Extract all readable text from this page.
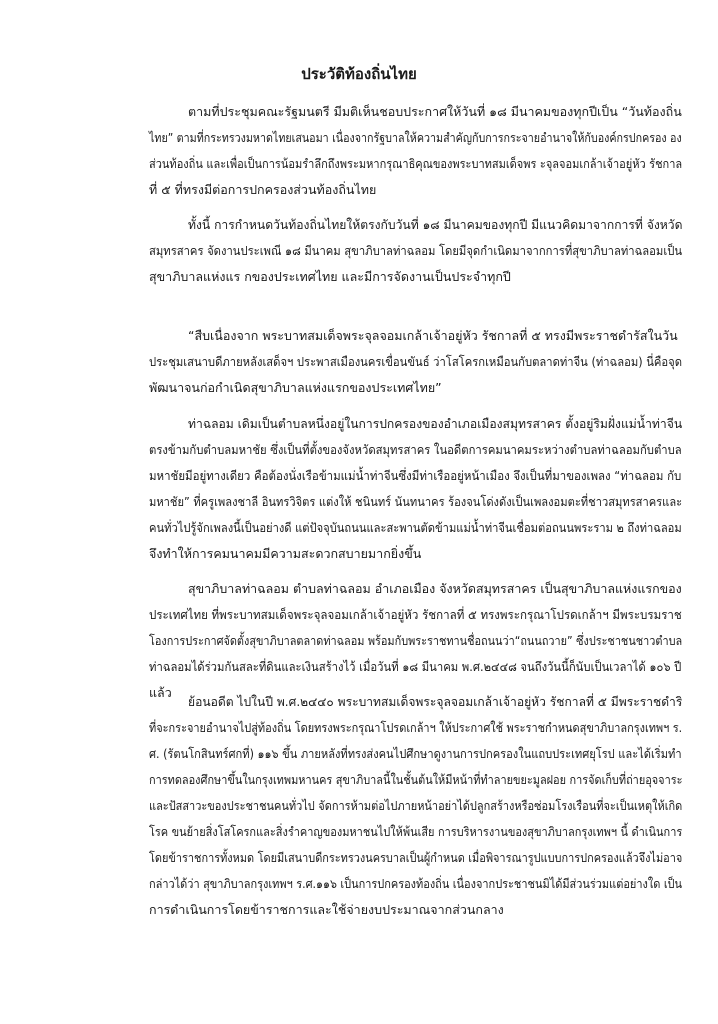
ประวัติท้องถิ่นไทย
ตามที่ประชุมคณะรัฐมนตรี มีมติเห็นชอบประกาศให้วันที่ ๑๘ มีนาคมของทุกปีเป็น “วันท้องถิ่น
ไทย” ตามที่กระทรวงมหาดไทยเสนอมา เนื่องจากรัฐบาลให้ความสำคัญกับการกระจายอำนาจให้กับองค์กรปกครอง อง
ส่วนท้องถิ่น และเพื่อเป็นการน้อมรำลึกถึงพระมหากรุณาธิคุณของพระบาทสมเด็จพร ะจุลจอมเกล้าเจ้าอยู่หัว รัชกาล
ที่ ๕ ที่ทรงมีต่อการปกครองส่วนท้องถิ่นไทย
ทั้งนี้ การกำหนดวันท้องถิ่นไทยให้ตรงกับวันที่ ๑๘ มีนาคมของทุกปี มีแนวคิดมาจากการที่ จังหวัด
สมุทรสาคร จัดงานประเพณี ๑๘ มีนาคม สุขาภิบาลท่าฉลอม โดยมีจุดกำเนิดมาจากการที่สุขาภิบาลท่าฉลอมเป็น
สุขาภิบาลแห่งแร กของประเทศไทย และมีการจัดงานเป็นประจำทุกปี
“สืบเนื่องจาก พระบาทสมเด็จพระจุลจอมเกล้าเจ้าอยู่หัว รัชกาลที่ ๕ ทรงมีพระราชดำรัสในวัน
ประชุมเสนาบดีภายหลังเสด็จฯ ประพาสเมืองนครเขื่อนขันธ์ ว่าโสโครกเหมือนกับตลาดท่าจีน (ท่าฉลอม) นี่คือจุด
พัฒนาจนก่อกำเนิดสุขาภิบาลแห่งแรกของประเทศไทย”
ท่าฉลอม เดิมเป็นตำบลหนึ่งอยู่ในการปกครองของอำเภอเมืองสมุทรสาคร ตั้งอยู่ริมฝั่งแม่น้ำท่าจีน
ตรงข้ามกับตำบลมหาชัย ซึ่งเป็นที่ตั้งของจังหวัดสมุทรสาคร ในอดีตการคมนาคมระหว่างตำบลท่าฉลอมกับตำบล
มหาชัยมีอยู่ทางเดียว คือต้องนั่งเรือข้ามแม่น้ำท่าจีนซึ่งมีท่าเรืออยู่หน้าเมือง จึงเป็นที่มาของเพลง “ท่าฉลอม กับ
มหาชัย” ที่ครูเพลงชาลี อินทรวิจิตร แต่งให้ ชนินทร์ นันทนาคร ร้องจนโด่งดังเป็นเพลงอมตะที่ชาวสมุทรสาครและ
คนทั่วไปรู้จักเพลงนี้เป็นอย่างดี แต่ปัจจุบันถนนและสะพานตัดข้ามแม่น้ำท่าจีนเชื่อมต่อถนนพระราม ๒ ถึงท่าฉลอม
จึงทำให้การคมนาคมมีความสะดวกสบายมากยิ่งขึ้น
สุขาภิบาลท่าฉลอม ตำบลท่าฉลอม อำเภอเมือง จังหวัดสมุทรสาคร เป็นสุขาภิบาลแห่งแรกของ
ประเทศไทย ที่พระบาทสมเด็จพระจุลจอมเกล้าเจ้าอยู่หัว รัชกาลที่ ๕ ทรงพระกรุณาโปรดเกล้าฯ มีพระบรมราช
โองการประกาศจัดตั้งสุขาภิบาลตลาดท่าฉลอม พร้อมกับพระราชทานชื่อถนนว่า“ถนนถวาย” ซึ่งประชาชนชาวตำบล
ท่าฉลอมได้ร่วมกันสละที่ดินและเงินสร้างไว้ เมื่อวันที่ ๑๘ มีนาคม พ.ศ.๒๔๔๘ จนถึงวันนี้ก็นับเป็นเวลาได้ ๑๐๖ ปี
แล้ว
ย้อนอดีต ไปในปี พ.ศ.๒๔๔๐ พระบาทสมเด็จพระจุลจอมเกล้าเจ้าอยู่หัว รัชกาลที่ ๕ มีพระราชดำริ
ที่จะกระจายอำนาจไปสู่ท้องถิ่น โดยทรงพระกรุณาโปรดเกล้าฯ ให้ประกาศใช้ พระราชกำหนดสุขาภิบาลกรุงเทพฯ ร.
ศ. (รัตนโกสินทร์ศกที่) ๑๑๖ ขึ้น ภายหลังที่ทรงส่งคนไปศึกษาดูงานการปกครองในแถบประเทศยุโรป และได้เริ่มทำ
การทดลองศึกษาขึ้นในกรุงเทพมหานคร สุขาภิบาลนี้ในชั้นต้นให้มีหน้าที่ทำลายขยะมูลฝอย การจัดเก็บที่ถ่ายอุจจาระ
และปัสสาวะของประชาชนคนทั่วไป จัดการห้ามต่อไปภายหน้าอย่าได้ปลูกสร้างหรือซ่อมโรงเรือนที่จะเป็นเหตุให้เกิด
โรค ขนย้ายสิ่งโสโครกและสิ่งรำคาญของมหาชนไปให้พ้นเสีย การบริหารงานของสุขาภิบาลกรุงเทพฯ นี้ ดำเนินการ
โดยข้าราชการทั้งหมด โดยมีเสนาบดีกระทรวงนครบาลเป็นผู้กำหนด เมื่อพิจารณารูปแบบการปกครองแล้วจึงไม่อาจ
กล่าวได้ว่า สุขาภิบาลกรุงเทพฯ ร.ศ.๑๑๖ เป็นการปกครองท้องถิ่น เนื่องจากประชาชนมิได้มีส่วนร่วมแต่อย่างใด เป็น
การดำเนินการโดยข้าราชการและใช้จ่ายงบประมาณจากส่วนกลาง
